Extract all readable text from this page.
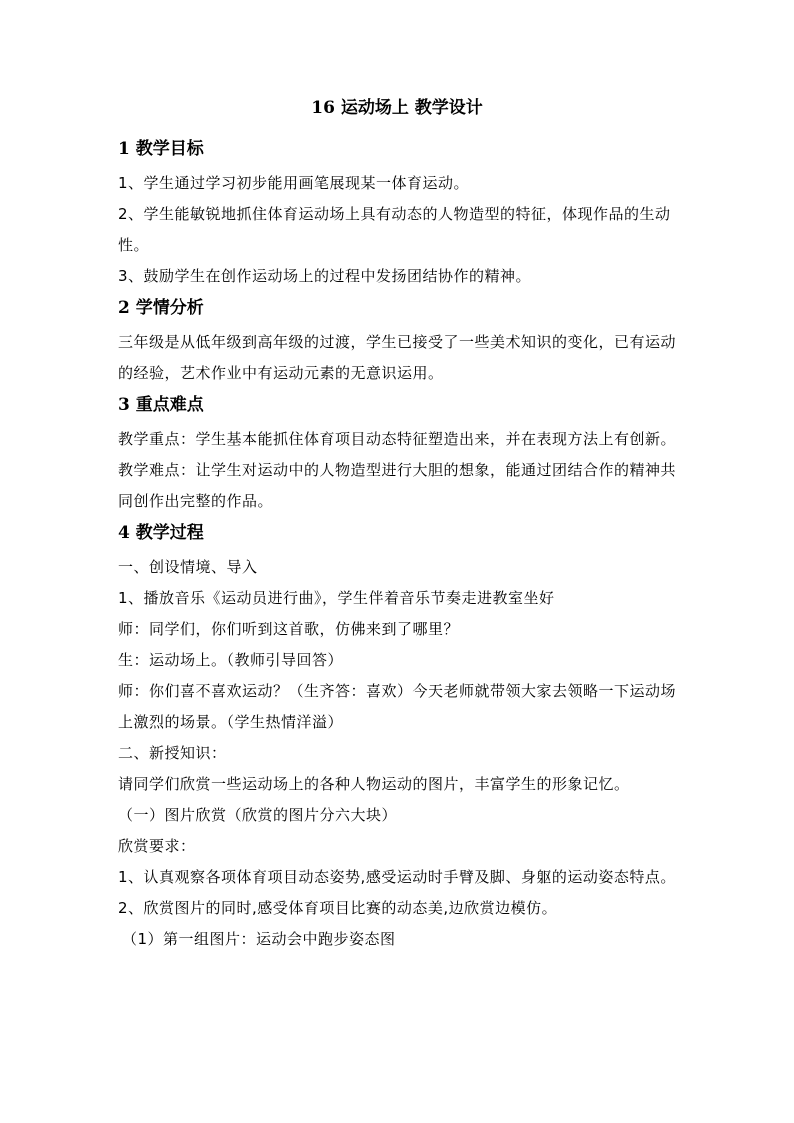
16 运动场上 教学设计
1 教学目标

1、学生通过学习初步能用画笔展现某一体育运动。

2、学生能敏锐地抓住体育运动场上具有动态的人物造型的特征，体现作品的生动性。

3、鼓励学生在创作运动场上的过程中发扬团结协作的精神。

2 学情分析

三年级是从低年级到高年级的过渡，学生已接受了一些美术知识的变化，已有运动的经验，艺术作业中有运动元素的无意识运用。

3 重点难点

教学重点：学生基本能抓住体育项目动态特征塑造出来，并在表现方法上有创新。

教学难点：让学生对运动中的人物造型进行大胆的想象，能通过团结合作的精神共同创作出完整的作品。

4 教学过程

一、创设情境、导入

1、播放音乐《运动员进行曲》，学生伴着音乐节奏走进教室坐好

师：同学们，你们听到这首歌，仿佛来到了哪里？

生：运动场上。（教师引导回答）

师：你们喜不喜欢运动？（生齐答：喜欢）今天老师就带领大家去领略一下运动场上激烈的场景。（学生热情洋溢）

二、新授知识：

请同学们欣赏一些运动场上的各种人物运动的图片，丰富学生的形象记忆。

（一）图片欣赏（欣赏的图片分六大块）

欣赏要求：

1、认真观察各项体育项目动态姿势,感受运动时手臂及脚、身躯的运动姿态特点。

2、欣赏图片的同时,感受体育项目比赛的动态美,边欣赏边模仿。

（1）第一组图片：运动会中跑步姿态图
